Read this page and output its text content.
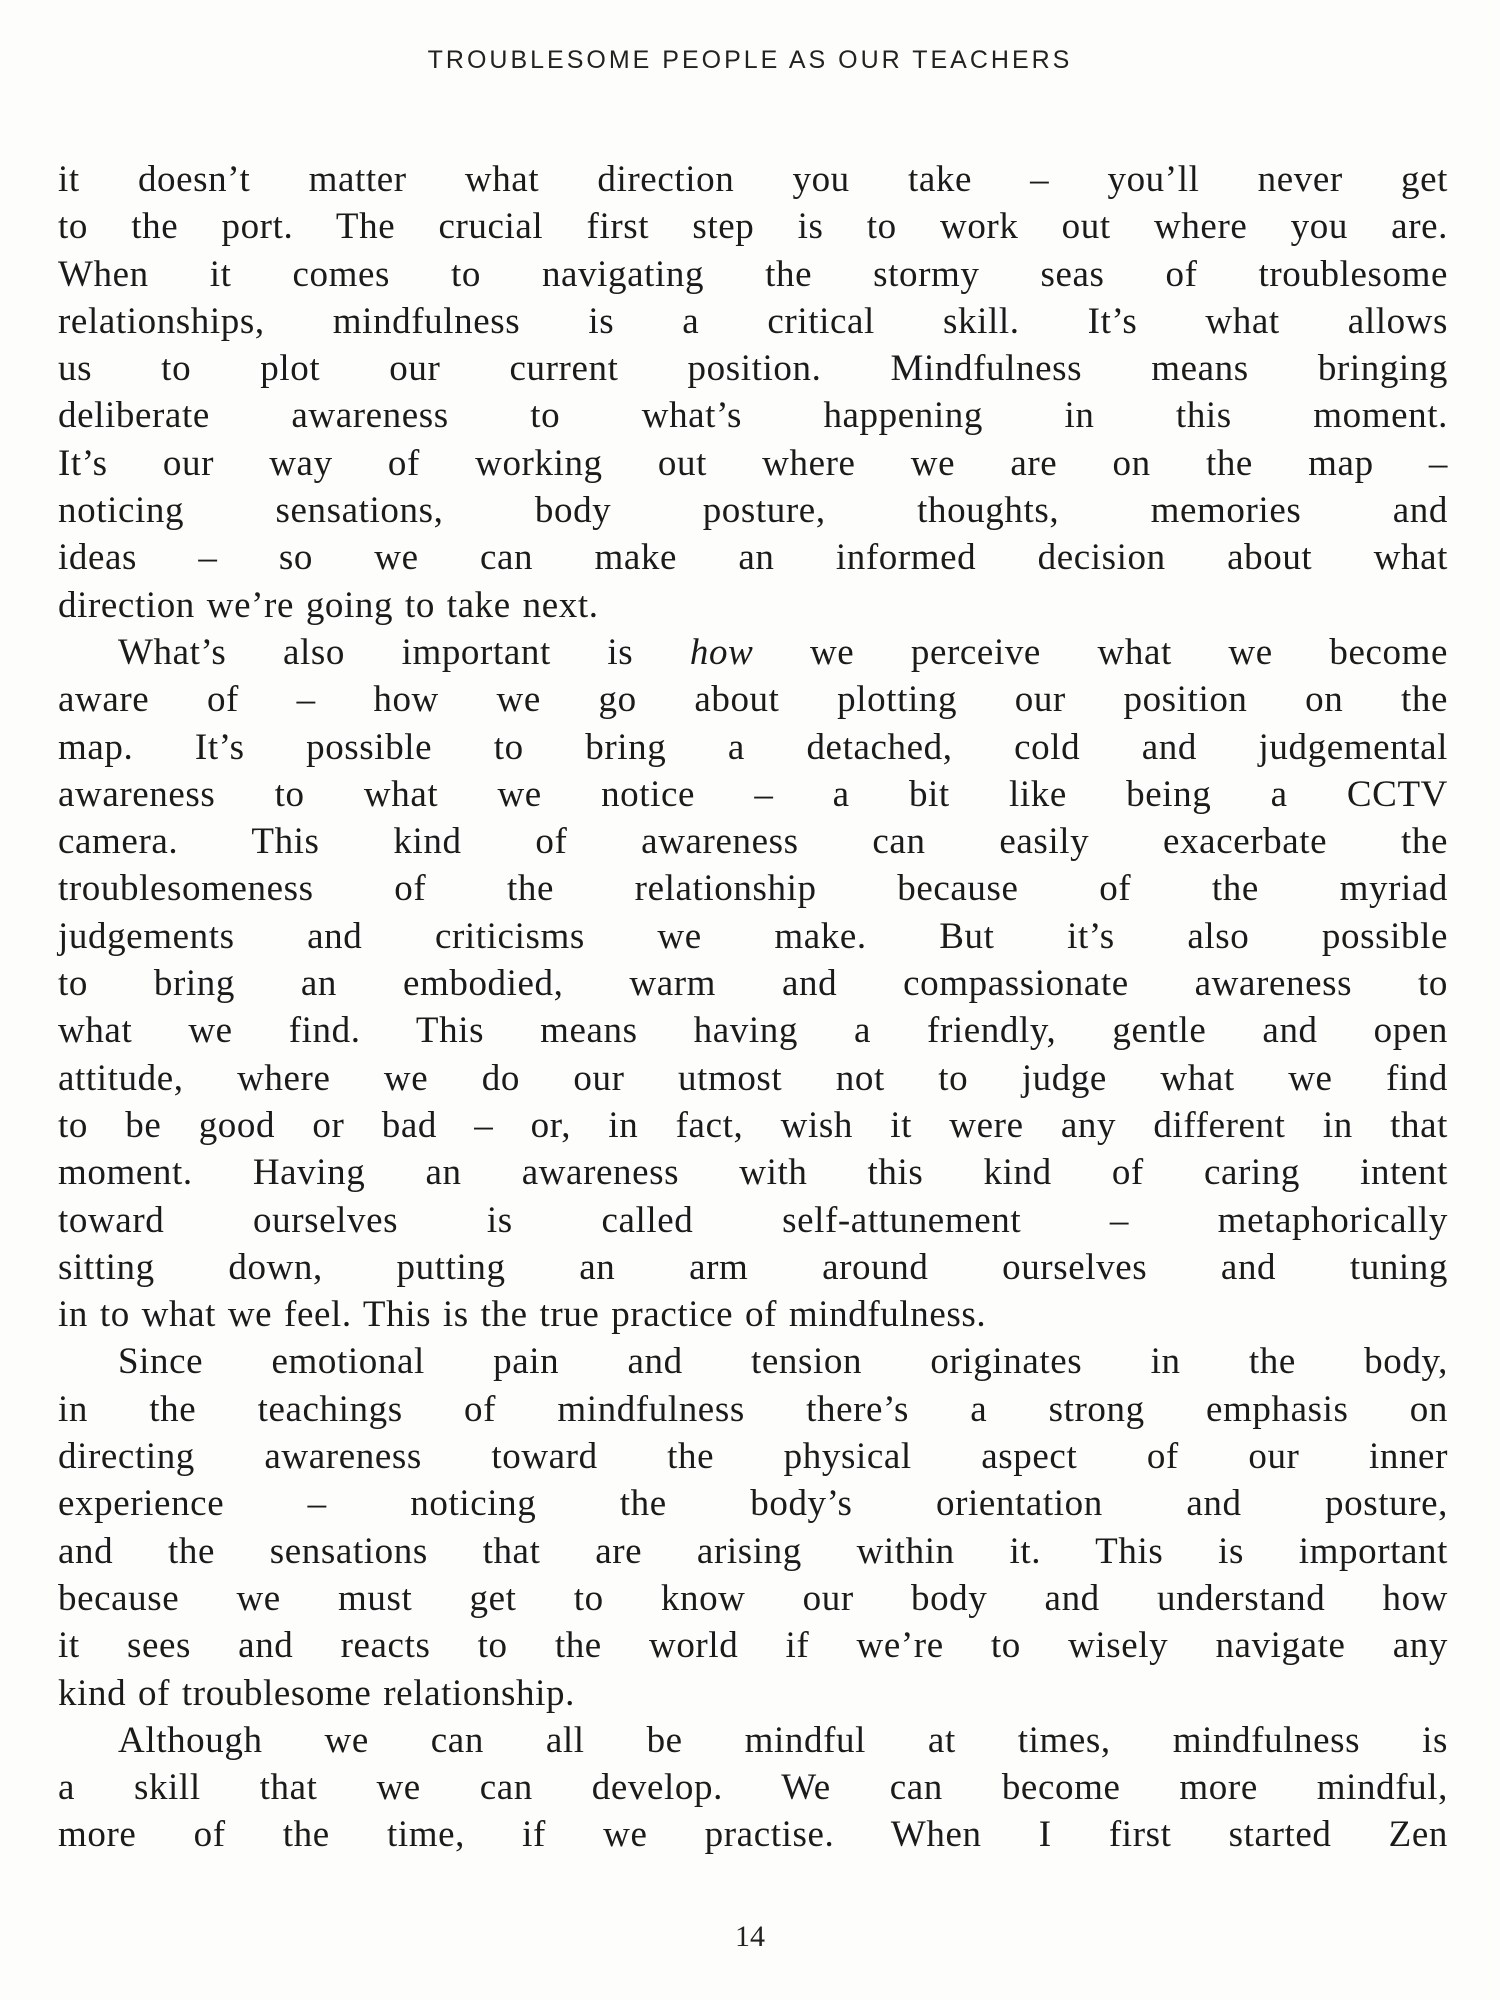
TROUBLESOME PEOPLE AS OUR TEACHERS
it doesn’t matter what direction you take – you’ll never get
to the port. The crucial first step is to work out where you are.
When it comes to navigating the stormy seas of troublesome
relationships, mindfulness is a critical skill. It’s what allows
us to plot our current position. Mindfulness means bringing
deliberate awareness to what’s happening in this moment.
It’s our way of working out where we are on the map –
noticing sensations, body posture, thoughts, memories and
ideas – so we can make an informed decision about what
direction we’re going to take next.
What’s also important is how we perceive what we become
aware of – how we go about plotting our position on the
map. It’s possible to bring a detached, cold and judgemental
awareness to what we notice – a bit like being a CCTV
camera. This kind of awareness can easily exacerbate the
troublesomeness of the relationship because of the myriad
judgements and criticisms we make. But it’s also possible
to bring an embodied, warm and compassionate awareness to
what we find. This means having a friendly, gentle and open
attitude, where we do our utmost not to judge what we find
to be good or bad – or, in fact, wish it were any different in that
moment. Having an awareness with this kind of caring intent
toward ourselves is called self-attunement – metaphorically
sitting down, putting an arm around ourselves and tuning
in to what we feel. This is the true practice of mindfulness.
Since emotional pain and tension originates in the body,
in the teachings of mindfulness there’s a strong emphasis on
directing awareness toward the physical aspect of our inner
experience – noticing the body’s orientation and posture,
and the sensations that are arising within it. This is important
because we must get to know our body and understand how
it sees and reacts to the world if we’re to wisely navigate any
kind of troublesome relationship.
Although we can all be mindful at times, mindfulness is
a skill that we can develop. We can become more mindful,
more of the time, if we practise. When I first started Zen
14
